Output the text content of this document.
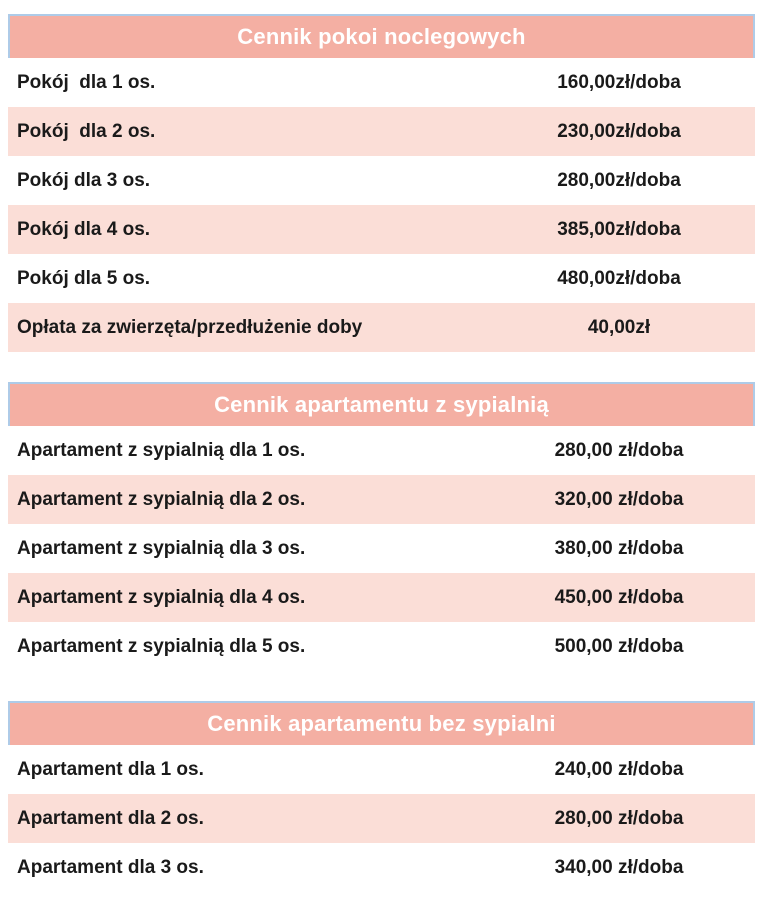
Cennik pokoi noclegowych
Pokój  dla 1 os.	160,00zł/doba
Pokój  dla 2 os.	230,00zł/doba
Pokój dla 3 os.	280,00zł/doba
Pokój dla 4 os.	385,00zł/doba
Pokój dla 5 os.	480,00zł/doba
Opłata za zwierzęta/przedłużenie doby	40,00zł
Cennik apartamentu z sypialnią
Apartament z sypialnią dla 1 os.	280,00 zł/doba
Apartament z sypialnią dla 2 os.	320,00 zł/doba
Apartament z sypialnią dla 3 os.	380,00 zł/doba
Apartament z sypialnią dla 4 os.	450,00 zł/doba
Apartament z sypialnią dla 5 os.	500,00 zł/doba
Cennik apartamentu bez sypialni
Apartament dla 1 os.	240,00 zł/doba
Apartament dla 2 os.	280,00 zł/doba
Apartament dla 3 os.	340,00 zł/doba
